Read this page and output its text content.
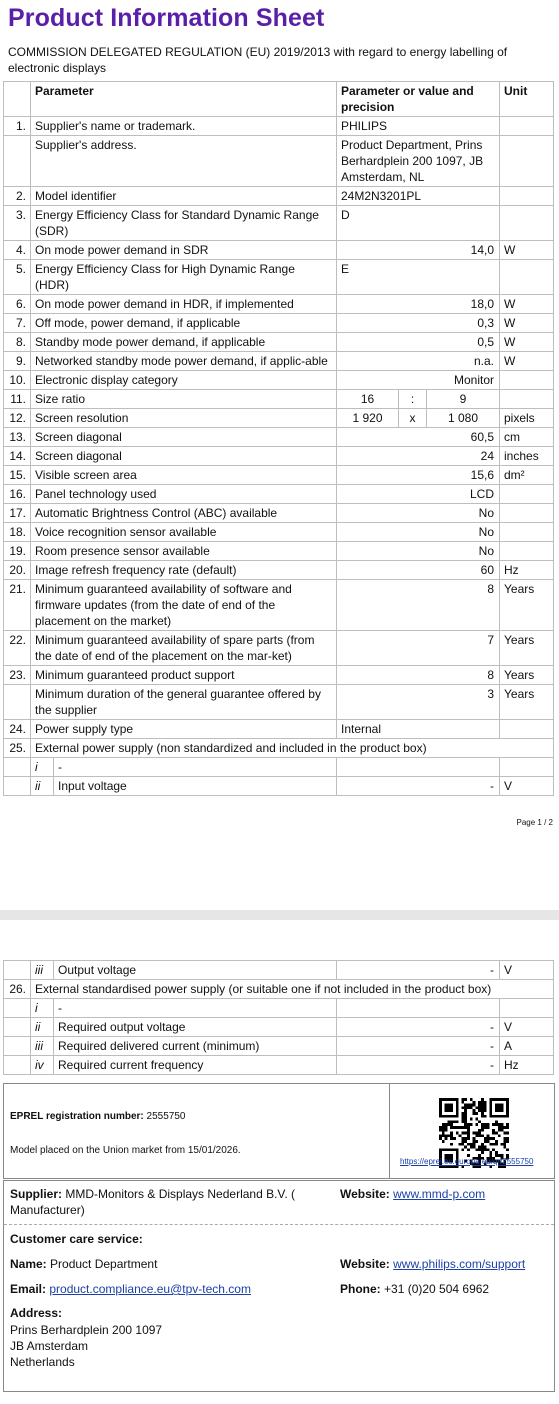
Product Information Sheet
COMMISSION DELEGATED REGULATION (EU) 2019/2013 with regard to energy labelling of electronic displays
	Parameter		Parameter or value and precision			Unit
1.	Supplier's name or trademark.		PHILIPS			
	Supplier's address.		Product Department, Prins Berhardplein 200 1097, JB Amsterdam, NL			
2.	Model identifier		24M2N3201PL			
3.	Energy Efficiency Class for Standard Dynamic Range (SDR)		D			
4.	On mode power demand in SDR		14,0			W
5.	Energy Efficiency Class for High Dynamic Range (HDR)		E			
6.	On mode power demand in HDR, if implemented		18,0			W
7.	Off mode, power demand, if applicable		0,3			W
8.	Standby mode power demand, if applicable		0,5			W
9.	Networked standby mode power demand, if applic-able		n.a.			W
10.	Electronic display category		Monitor			
11.	Size ratio		16	:	9	
12.	Screen resolution		1 920	x	1 080	pixels
13.	Screen diagonal		60,5			cm
14.	Screen diagonal		24			inches
15.	Visible screen area		15,6			dm²
16.	Panel technology used		LCD			
17.	Automatic Brightness Control (ABC) available		No			
18.	Voice recognition sensor available		No			
19.	Room presence sensor available		No			
20.	Image refresh frequency rate (default)		60			Hz
21.	Minimum guaranteed availability of software and firmware updates (from the date of end of the placement on the market)		8			Years
22.	Minimum guaranteed availability of spare parts (from the date of end of the placement on the mar-ket)		7			Years
23.	Minimum guaranteed product support		8			Years
	Minimum duration of the general guarantee offered by the supplier		3			Years
24.	Power supply type		Internal			
25.	External power supply (non standardized and included in the product box)					
	i	-				
	ii	Input voltage	-			V
Page 1 / 2
	iii	Output voltage	-	V
26.	External standardised power supply (or suitable one if not included in the product box)			
	i	-		
	ii	Required output voltage	-	V
	iii	Required delivered current (minimum)	-	A
	iv	Required current frequency	-	Hz
EPREL registration number: 2555750
Model placed on the Union market from 15/01/2026.
https://eprel.ec.europa.eu/qr/2555750
Supplier: MMD-Monitors & Displays Nederland B.V. ( Manufacturer)
Website: www.mmd-p.com
Customer care service:
Name: Product Department	Website: www.philips.com/support
Email: product.compliance.eu@tpv-tech.com	Phone: +31 (0)20 504 6962
Address:
Prins Berhardplein 200 1097
JB Amsterdam
Netherlands
